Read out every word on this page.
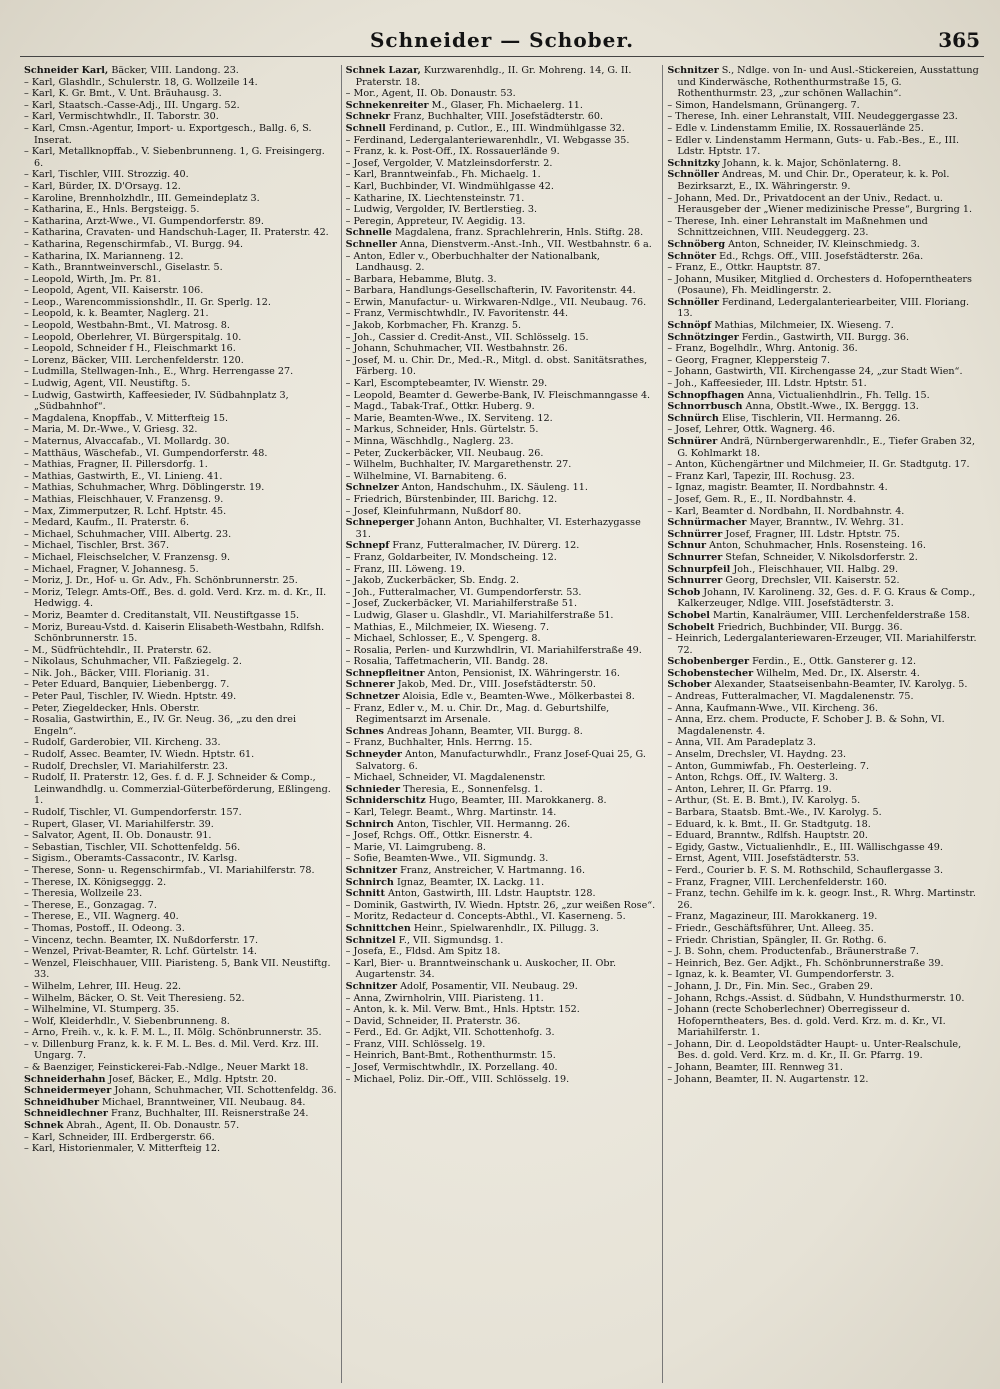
Schneider — Schober.	365
Schneider Karl, Bäcker, VIII. Landong. 23.
– Karl, Glashdlr., Schulerstr. 18, G. Wollzeile 14.
– Karl, K. Gr. Bmt., V. Unt. Bräuhausg. 3.
– Karl, Staatsch.-Casse-Adj., III. Ungarg. 52.
– Karl, Vermischtwhdlr., II. Taborstr. 30.
– Karl, Cmsn.-Agentur, Import- u. Exportgesch., Ballg. 6, S. Inserat.
– Karl, Metallknopffab., V. Siebenbrunneng. 1, G. Freisingerg. 6.
– Karl, Tischler, VIII. Strozzig. 40.
– Karl, Bürder, IX. D'Orsayg. 12.
– Karoline, Brennholzhdlr., III. Gemeindeplatz 3.
– Katharina, E., Hnls. Bergsteigg. 5.
– Katharina, Arzt-Wwe., VI. Gumpendorferstr. 89.
– Katharina, Cravaten- und Handschuh-Lager, II. Praterstr. 42.
– Katharina, Regenschirmfab., VI. Burgg. 94.
– Katharina, IX. Marianneng. 12.
– Kath., Branntweinverschl., Giselastr. 5.
– Leopold, Wirth, Jm. Pr. 81.
– Leopold, Agent, VII. Kaiserstr. 106.
– Leop., Warencommissionshdlr., II. Gr. Sperlg. 12.
– Leopold, k. k. Beamter, Naglerg. 21.
– Leopold, Westbahn-Bmt., VI. Matrosg. 8.
– Leopold, Oberlehrer, VI. Bürgerspitalg. 10.
– Leopold, Schneider f H., Fleischmarkt 16.
– Lorenz, Bäcker, VIII. Lerchenfelderstr. 120.
– Ludmilla, Stellwagen-Inh., E., Whrg. Herrengasse 27.
– Ludwig, Agent, VII. Neustiftg. 5.
– Ludwig, Gastwirth, Kaffeesieder, IV. Südbahnplatz 3, „Südbahnhof“.
– Magdalena, Knopffab., V. Mitterfteig 15.
– Maria, M. Dr.-Wwe., V. Griesg. 32.
– Maternus, Alvaccafab., VI. Mollardg. 30.
– Matthäus, Wäschefab., VI. Gumpendorferstr. 48.
– Mathias, Fragner, II. Pillersdorfg. 1.
– Mathias, Gastwirth, E., VI. Linieng. 41.
– Mathias, Schuhmacher, Whrg. Döblingerstr. 19.
– Mathias, Fleischhauer, V. Franzensg. 9.
– Max, Zimmerputzer, R. Lchf. Hptstr. 45.
– Medard, Kaufm., II. Praterstr. 6.
– Michael, Schuhmacher, VIII. Albertg. 23.
– Michael, Tischler, Brst. 367.
– Michael, Fleischselcher, V. Franzensg. 9.
– Michael, Fragner, V. Johannesg. 5.
– Moriz, J. Dr., Hof- u. Gr. Adv., Fh. Schönbrunnerstr. 25.
– Moriz, Telegr. Amts-Off., Bes. d. gold. Verd. Krz. m. d. Kr., II. Hedwigg. 4.
– Moriz, Beamter d. Creditanstalt, VII. Neustiftgasse 15.
– Moriz, Bureau-Vstd. d. Kaiserin Elisabeth-Westbahn, Rdlfsh. Schönbrunnerstr. 15.
– M., Südfrüchtehdlr., II. Praterstr. 62.
– Nikolaus, Schuhmacher, VII. Faßziegelg. 2.
– Nik. Joh., Bäcker, VIII. Florianig. 31.
– Peter Eduard, Banquier, Liebenbergg. 7.
– Peter Paul, Tischler, IV. Wiedn. Hptstr. 49.
– Peter, Ziegeldecker, Hnls. Oberstr.
– Rosalia, Gastwirthin, E., IV. Gr. Neug. 36, „zu den drei Engeln“.
– Rudolf, Garderobier, VII. Kircheng. 33.
– Rudolf, Assec. Beamter, IV. Wiedn. Hptstr. 61.
– Rudolf, Drechsler, VI. Mariahilferstr. 23.
– Rudolf, II. Praterstr. 12, Ges. f. d. F. J. Schneider & Comp., Leinwandhdlg. u. Commerzial-Güterbeförderung, Eßlingeng. 1.
– Rudolf, Tischler, VI. Gumpendorferstr. 157.
– Rupert, Glaser, VI. Mariahilferstr. 39.
– Salvator, Agent, II. Ob. Donaustr. 91.
– Sebastian, Tischler, VII. Schottenfeldg. 56.
– Sigism., Oberamts-Cassacontr., IV. Karlsg.
– Therese, Sonn- u. Regenschirmfab., VI. Mariahilferstr. 78.
– Therese, IX. Königseggg. 2.
– Theresia, Wollzeile 23.
– Therese, E., Gonzagag. 7.
– Therese, E., VII. Wagnerg. 40.
– Thomas, Postoff., II. Odeong. 3.
– Vincenz, techn. Beamter, IX. Nußdorferstr. 17.
– Wenzel, Privat-Beamter, R. Lchf. Gürtelstr. 14.
– Wenzel, Fleischhauer, VIII. Piaristeng. 5, Bank VII. Neustiftg. 33.
– Wilhelm, Lehrer, III. Heug. 22.
– Wilhelm, Bäcker, O. St. Veit Theresieng. 52.
– Wilhelmine, VI. Stumperg. 35.
– Wolf, Kleiderhdlr., V. Siebenbrunneng. 8.
– Arno, Freih. v., k. k. F. M. L., II. Mölg. Schönbrunnerstr. 35.
– v. Dillenburg Franz, k. k. F. M. L. Bes. d. Mil. Verd. Krz. III. Ungarg. 7.
– & Baenziger, Feinstickerei-Fab.-Ndlge., Neuer Markt 18.
Schneiderhahn Josef, Bäcker, E., Mdlg. Hptstr. 20.
Schneidermeyer Johann, Schuhmacher, VII. Schottenfeldg. 36.
Schneidhuber Michael, Branntweiner, VII. Neubaug. 84.
Schneidlechner Franz, Buchhalter, III. Reisnerstraße 24.
Schnek Abrah., Agent, II. Ob. Donaustr. 57.
– Karl, Schneider, III. Erdbergerstr. 66.
– Karl, Historienmaler, V. Mitterfteig 12.
Schnek Lazar, Kurzwarenhdlg., II. Gr. Mohreng. 14, G. II. Praterstr. 18.
– Mor., Agent, II. Ob. Donaustr. 53.
Schnekenreiter M., Glaser, Fh. Michaelerg. 11.
Schnekr Franz, Buchhalter, VIII. Josefstädterstr. 60.
Schnell Ferdinand, p. Cutlor., E., III. Windmühlgasse 32.
– Ferdinand, Ledergalanteriewarenhdlr., VI. Webgasse 35.
– Franz, k. k. Post-Off., IX. Rossauerlände 9.
– Josef, Vergolder, V. Matzleinsdorferstr. 2.
– Karl, Branntweinfab., Fh. Michaelg. 1.
– Karl, Buchbinder, VI. Windmühlgasse 42.
– Katharine, IX. Liechtensteinstr. 71.
– Ludwig, Vergolder, IV. Bertlerstieg. 3.
– Peregin, Appreteur, IV. Aegidig. 13.
Schnelle Magdalena, franz. Sprachlehrerin, Hnls. Stiftg. 28.
Schneller Anna, Dienstverm.-Anst.-Inh., VII. Westbahnstr. 6 a.
– Anton, Edler v., Oberbuchhalter der Nationalbank, Landhausg. 2.
– Barbara, Hebamme, Blutg. 3.
– Barbara, Handlungs-Gesellschafterin, IV. Favoritenstr. 44.
– Erwin, Manufactur- u. Wirkwaren-Ndlge., VII. Neubaug. 76.
– Franz, Vermischtwhdlr., IV. Favoritenstr. 44.
– Jakob, Korbmacher, Fh. Kranzg. 5.
– Joh., Cassier d. Credit-Anst., VII. Schlösselg. 15.
– Johann, Schuhmacher, VII. Westbahnstr. 26.
– Josef, M. u. Chir. Dr., Med.-R., Mitgl. d. obst. Sanitätsrathes, Färberg. 10.
– Karl, Escomptebeamter, IV. Wienstr. 29.
– Leopold, Beamter d. Gewerbe-Bank, IV. Fleischmanngasse 4.
– Magd., Tabak-Traf., Ottkr. Huberg. 9.
– Marie, Beamten-Wwe., IX. Serviteng. 12.
– Markus, Schneider, Hnls. Gürtelstr. 5.
– Minna, Wäschhdlg., Naglerg. 23.
– Peter, Zuckerbäcker, VII. Neubaug. 26.
– Wilhelm, Buchhalter, IV. Margarethenstr. 27.
– Wilhelmine, VI. Barnabiteng. 6.
Schnelzer Anton, Handschuhm., IX. Säuleng. 11.
– Friedrich, Bürstenbinder, III. Barichg. 12.
– Josef, Kleinfuhrmann, Nußdorf 80.
Schneperger Johann Anton, Buchhalter, VI. Esterhazygasse 31.
Schnepf Franz, Futteralmacher, IV. Dürerg. 12.
– Franz, Goldarbeiter, IV. Mondscheing. 12.
– Franz, III. Löweng. 19.
– Jakob, Zuckerbäcker, Sb. Endg. 2.
– Joh., Futteralmacher, VI. Gumpendorferstr. 53.
– Josef, Zuckerbäcker, VI. Mariahilferstraße 51.
– Ludwig, Glaser u. Glashdlr., VI. Mariahilferstraße 51.
– Mathias, E., Milchmeier, IX. Wieseng. 7.
– Michael, Schlosser, E., V. Spengerg. 8.
– Rosalia, Perlen- und Kurzwhdlrin, VI. Mariahilferstraße 49.
– Rosalia, Taffetmacherin, VII. Bandg. 28.
Schnepfleitner Anton, Pensionist, IX. Währingerstr. 16.
Schnerer Jakob, Med. Dr., VIII. Josefstädterstr. 50.
Schnetzer Aloisia, Edle v., Beamten-Wwe., Mölkerbastei 8.
– Franz, Edler v., M. u. Chir. Dr., Mag. d. Geburtshilfe, Regimentsarzt im Arsenale.
Schnes Andreas Johann, Beamter, VII. Burgg. 8.
– Franz, Buchhalter, Hnls. Herrng. 15.
Schneyder Anton, Manufacturwhdlr., Franz Josef-Quai 25, G. Salvatorg. 6.
– Michael, Schneider, VI. Magdalenenstr.
Schnieder Theresia, E., Sonnenfelsg. 1.
Schniderschitz Hugo, Beamter, III. Marokkanerg. 8.
– Karl, Telegr. Beamt., Whrg. Martinstr. 14.
Schnirch Anton, Tischler, VII. Hermanng. 26.
– Josef, Rchgs. Off., Ottkr. Eisnerstr. 4.
– Marie, VI. Laimgrubeng. 8.
– Sofie, Beamten-Wwe., VII. Sigmundg. 3.
Schnitzer Franz, Anstreicher, V. Hartmanng. 16.
Schnirch Ignaz, Beamter, IX. Lackg. 11.
Schnitt Anton, Gastwirth, III. Ldstr. Hauptstr. 128.
– Dominik, Gastwirth, IV. Wiedn. Hptstr. 26, „zur weißen Rose“.
– Moritz, Redacteur d. Concepts-Abthl., VI. Kaserneng. 5.
Schnittchen Heinr., Spielwarenhdlr., IX. Pillugg. 3.
Schnitzel F., VII. Sigmundsg. 1.
– Josefa, E., Fldsd. Am Spitz 18.
– Karl, Bier- u. Branntweinschank u. Auskocher, II. Obr. Augartenstr. 34.
Schnitzer Adolf, Posamentir, VII. Neubaug. 29.
– Anna, Zwirnholrin, VIII. Piaristeng. 11.
– Anton, k. k. Mil. Verw. Bmt., Hnls. Hptstr. 152.
– David, Schneider, II. Praterstr. 36.
– Ferd., Ed. Gr. Adjkt, VII. Schottenhofg. 3.
– Franz, VIII. Schlösselg. 19.
– Heinrich, Bant-Bmt., Rothenthurmstr. 15.
– Josef, Vermischtwhdlr., IX. Porzellang. 40.
– Michael, Poliz. Dir.-Off., VIII. Schlösselg. 19.
Schnitzer S., Ndlge. von In- und Ausl.-Stickereien, Ausstattung und Kinderwäsche, Rothenthurmstraße 15, G. Rothenthurmstr. 23, „zur schönen Wallachin“.
– Simon, Handelsmann, Grünangerg. 7.
– Therese, Inh. einer Lehranstalt, VIII. Neudeggergasse 23.
– Edle v. Lindenstamm Emilie, IX. Rossauerlände 25.
– Edler v. Lindenstamm Hermann, Guts- u. Fab.-Bes., E., III. Ldstr. Hptstr. 17.
Schnitzky Johann, k. k. Major, Schönlaterng. 8.
Schnöller Andreas, M. und Chir. Dr., Operateur, k. k. Pol. Bezirksarzt, E., IX. Währingerstr. 9.
– Johann, Med. Dr., Privatdocent an der Univ., Redact. u. Herausgeber der „Wiener medizinische Presse“, Burgring 1.
– Therese, Inh. einer Lehranstalt im Maßnehmen und Schnittzeichnen, VIII. Neudeggerg. 23.
Schnöberg Anton, Schneider, IV. Kleinschmiedg. 3.
Schnöter Ed., Rchgs. Off., VIII. Josefstädterstr. 26a.
– Franz, E., Ottkr. Hauptstr. 87.
– Johann, Musiker, Mitglied d. Orchesters d. Hofoperntheaters (Posaune), Fh. Meidlingerstr. 2.
Schnöller Ferdinand, Ledergalanteriearbeiter, VIII. Floriang. 13.
Schnöpf Mathias, Milchmeier, IX. Wieseng. 7.
Schnötzinger Ferdin., Gastwirth, VII. Burgg. 36.
– Franz, Bogelhdlr., Whrg. Antonig. 36.
– Georg, Fragner, Kleppersteig 7.
– Johann, Gastwirth, VII. Kirchengasse 24, „zur Stadt Wien“.
– Joh., Kaffeesieder, III. Ldstr. Hptstr. 51.
Schnopfhagen Anna, Victualienhdlrin., Fh. Tellg. 15.
Schnorrbusch Anna, Obstlt.-Wwe., IX. Berggg. 13.
Schnürch Elise, Tischlerin, VII. Hermanng. 26.
– Josef, Lehrer, Ottk. Wagnerg. 46.
Schnürer Andrä, Nürnbergerwarenhdlr., E., Tiefer Graben 32, G. Kohlmarkt 18.
– Anton, Küchengärtner und Milchmeier, II. Gr. Stadtgutg. 17.
– Franz Karl, Tapezir, III. Rochusg. 23.
– Ignaz, magistr. Beamter, II. Nordbahnstr. 4.
– Josef, Gem. R., E., II. Nordbahnstr. 4.
– Karl, Beamter d. Nordbahn, II. Nordbahnstr. 4.
Schnürmacher Mayer, Branntw., IV. Wehrg. 31.
Schnürrer Josef, Fragner, III. Ldstr. Hptstr. 75.
Schnur Anton, Schuhmacher, Hnls. Rosensteing. 16.
Schnurrer Stefan, Schneider, V. Nikolsdorferstr. 2.
Schnurpfeil Joh., Fleischhauer, VII. Halbg. 29.
Schnurrer Georg, Drechsler, VII. Kaiserstr. 52.
Schob Johann, IV. Karolineng. 32, Ges. d. F. G. Kraus & Comp., Kalkerzeuger, Ndlge. VIII. Josefstädterstr. 3.
Schobel Martin, Kanalräumer, VIII. Lerchenfelderstraße 158.
Schobelt Friedrich, Buchbinder, VII. Burgg. 36.
– Heinrich, Ledergalanteriewaren-Erzeuger, VII. Mariahilferstr. 72.
Schobenberger Ferdin., E., Ottk. Gansterer g. 12.
Schobenstecher Wilhelm, Med. Dr., IX. Alserstr. 4.
Schober Alexander, Staatseisenbahn-Beamter, IV. Karolyg. 5.
– Andreas, Futteralmacher, VI. Magdalenenstr. 75.
– Anna, Kaufmann-Wwe., VII. Kircheng. 36.
– Anna, Erz. chem. Producte, F. Schober J. B. & Sohn, VI. Magdalenenstr. 4.
– Anna, VII. Am Paradeplatz 3.
– Anselm, Drechsler, VI. Haydng. 23.
– Anton, Gummiwfab., Fh. Oesterleing. 7.
– Anton, Rchgs. Off., IV. Walterg. 3.
– Anton, Lehrer, II. Gr. Pfarrg. 19.
– Arthur, (St. E. B. Bmt.), IV. Karolyg. 5.
– Barbara, Staatsb. Bmt.-We., IV. Karolyg. 5.
– Eduard, k. k. Bmt., II. Gr. Stadtgutg. 18.
– Eduard, Branntw., Rdlfsh. Hauptstr. 20.
– Egidy, Gastw., Victualienhdlr., E., III. Wällischgasse 49.
– Ernst, Agent, VIII. Josefstädterstr. 53.
– Ferd., Courier b. F. S. M. Rothschild, Schauflergasse 3.
– Franz, Fragner, VIII. Lerchenfelderstr. 160.
– Franz, techn. Gehilfe im k. k. geogr. Inst., R. Whrg. Martinstr. 26.
– Franz, Magazineur, III. Marokkanerg. 19.
– Friedr., Geschäftsführer, Unt. Alleeg. 35.
– Friedr. Christian, Spängler, II. Gr. Rothg. 6.
– J. B. Sohn, chem. Productenfab., Bräunerstraße 7.
– Heinrich, Bez. Ger. Adjkt., Fh. Schönbrunnerstraße 39.
– Ignaz, k. k. Beamter, VI. Gumpendorferstr. 3.
– Johann, J. Dr., Fin. Min. Sec., Graben 29.
– Johann, Rchgs.-Assist. d. Südbahn, V. Hundsthurmerstr. 10.
– Johann (recte Schoberlechner) Oberregisseur d. Hofoperntheaters, Bes. d. gold. Verd. Krz. m. d. Kr., VI. Mariahilferstr. 1.
– Johann, Dir. d. Leopoldstädter Haupt- u. Unter-Realschule, Bes. d. gold. Verd. Krz. m. d. Kr., II. Gr. Pfarrg. 19.
– Johann, Beamter, III. Rennweg 31.
– Johann, Beamter, II. N. Augartenstr. 12.
